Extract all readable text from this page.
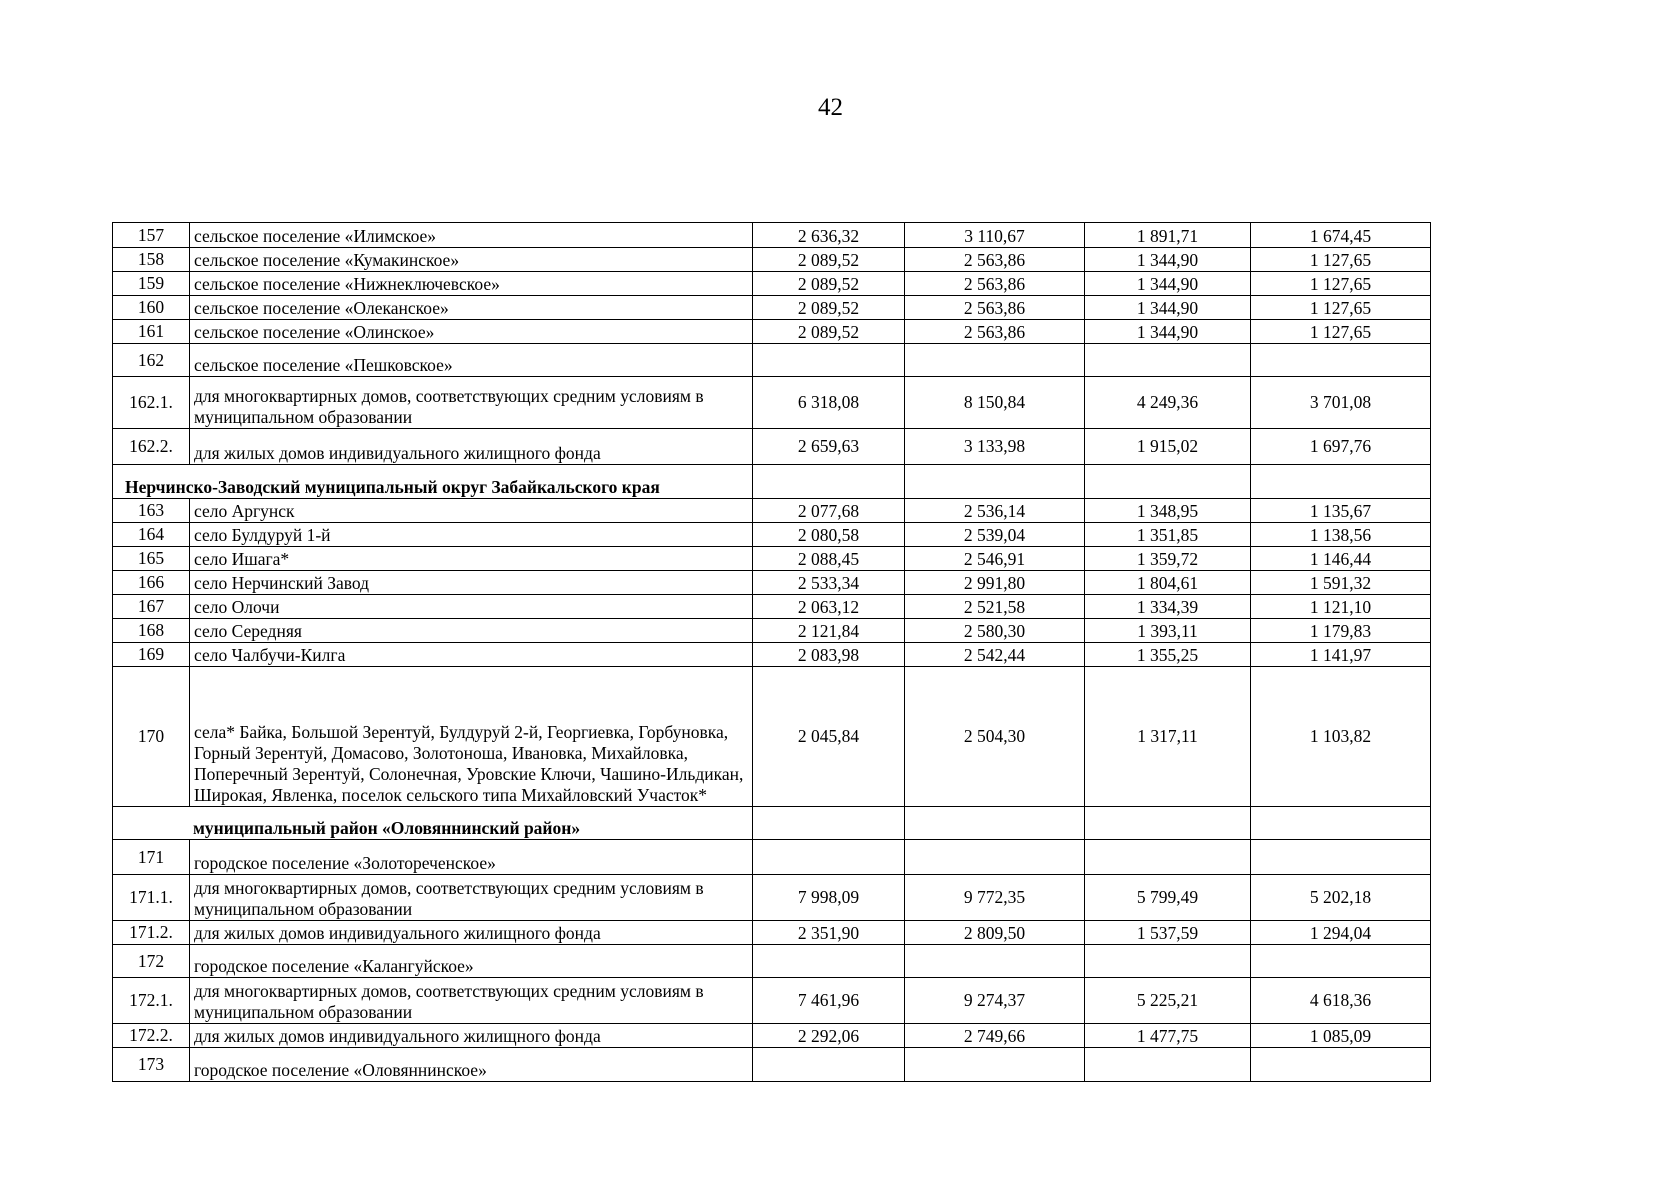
42
157	сельское поселение «Илимское»	2 636,32	3 110,67	1 891,71	1 674,45
158	сельское поселение «Кумакинское»	2 089,52	2 563,86	1 344,90	1 127,65
159	сельское поселение «Нижнеключевское»	2 089,52	2 563,86	1 344,90	1 127,65
160	сельское поселение «Олеканское»	2 089,52	2 563,86	1 344,90	1 127,65
161	сельское поселение «Олинское»	2 089,52	2 563,86	1 344,90	1 127,65
162	сельское поселение «Пешковское»				
162.1.	для многоквартирных домов, соответствующих средним условиям в муниципальном образовании	6 318,08	8 150,84	4 249,36	3 701,08
162.2.	для жилых домов индивидуального жилищного фонда	2 659,63	3 133,98	1 915,02	1 697,76
Нерчинско-Заводский муниципальный округ Забайкальского края					
163	село Аргунск	2 077,68	2 536,14	1 348,95	1 135,67
164	село Булдуруй 1-й	2 080,58	2 539,04	1 351,85	1 138,56
165	село Ишага*	2 088,45	2 546,91	1 359,72	1 146,44
166	село Нерчинский Завод	2 533,34	2 991,80	1 804,61	1 591,32
167	село Олочи	2 063,12	2 521,58	1 334,39	1 121,10
168	село Середняя	2 121,84	2 580,30	1 393,11	1 179,83
169	село Чалбучи-Килга	2 083,98	2 542,44	1 355,25	1 141,97
170	села* Байка, Большой Зерентуй, Булдуруй 2-й, Георгиевка, Горбуновка, Горный Зерентуй, Домасово, Золотоноша, Ивановка, Михайловка, Поперечный Зерентуй, Солонечная, Уровские Ключи, Чашино-Ильдикан, Широкая, Явленка, поселок сельского типа Михайловский Участок*	2 045,84	2 504,30	1 317,11	1 103,82
муниципальный район «Оловяннинский район»					
171	городское поселение «Золотореченское»				
171.1.	для многоквартирных домов, соответствующих средним условиям в муниципальном образовании	7 998,09	9 772,35	5 799,49	5 202,18
171.2.	для жилых домов индивидуального жилищного фонда	2 351,90	2 809,50	1 537,59	1 294,04
172	городское поселение «Калангуйское»				
172.1.	для многоквартирных домов, соответствующих средним условиям в муниципальном образовании	7 461,96	9 274,37	5 225,21	4 618,36
172.2.	для жилых домов индивидуального жилищного фонда	2 292,06	2 749,66	1 477,75	1 085,09
173	городское поселение «Оловяннинское»				
